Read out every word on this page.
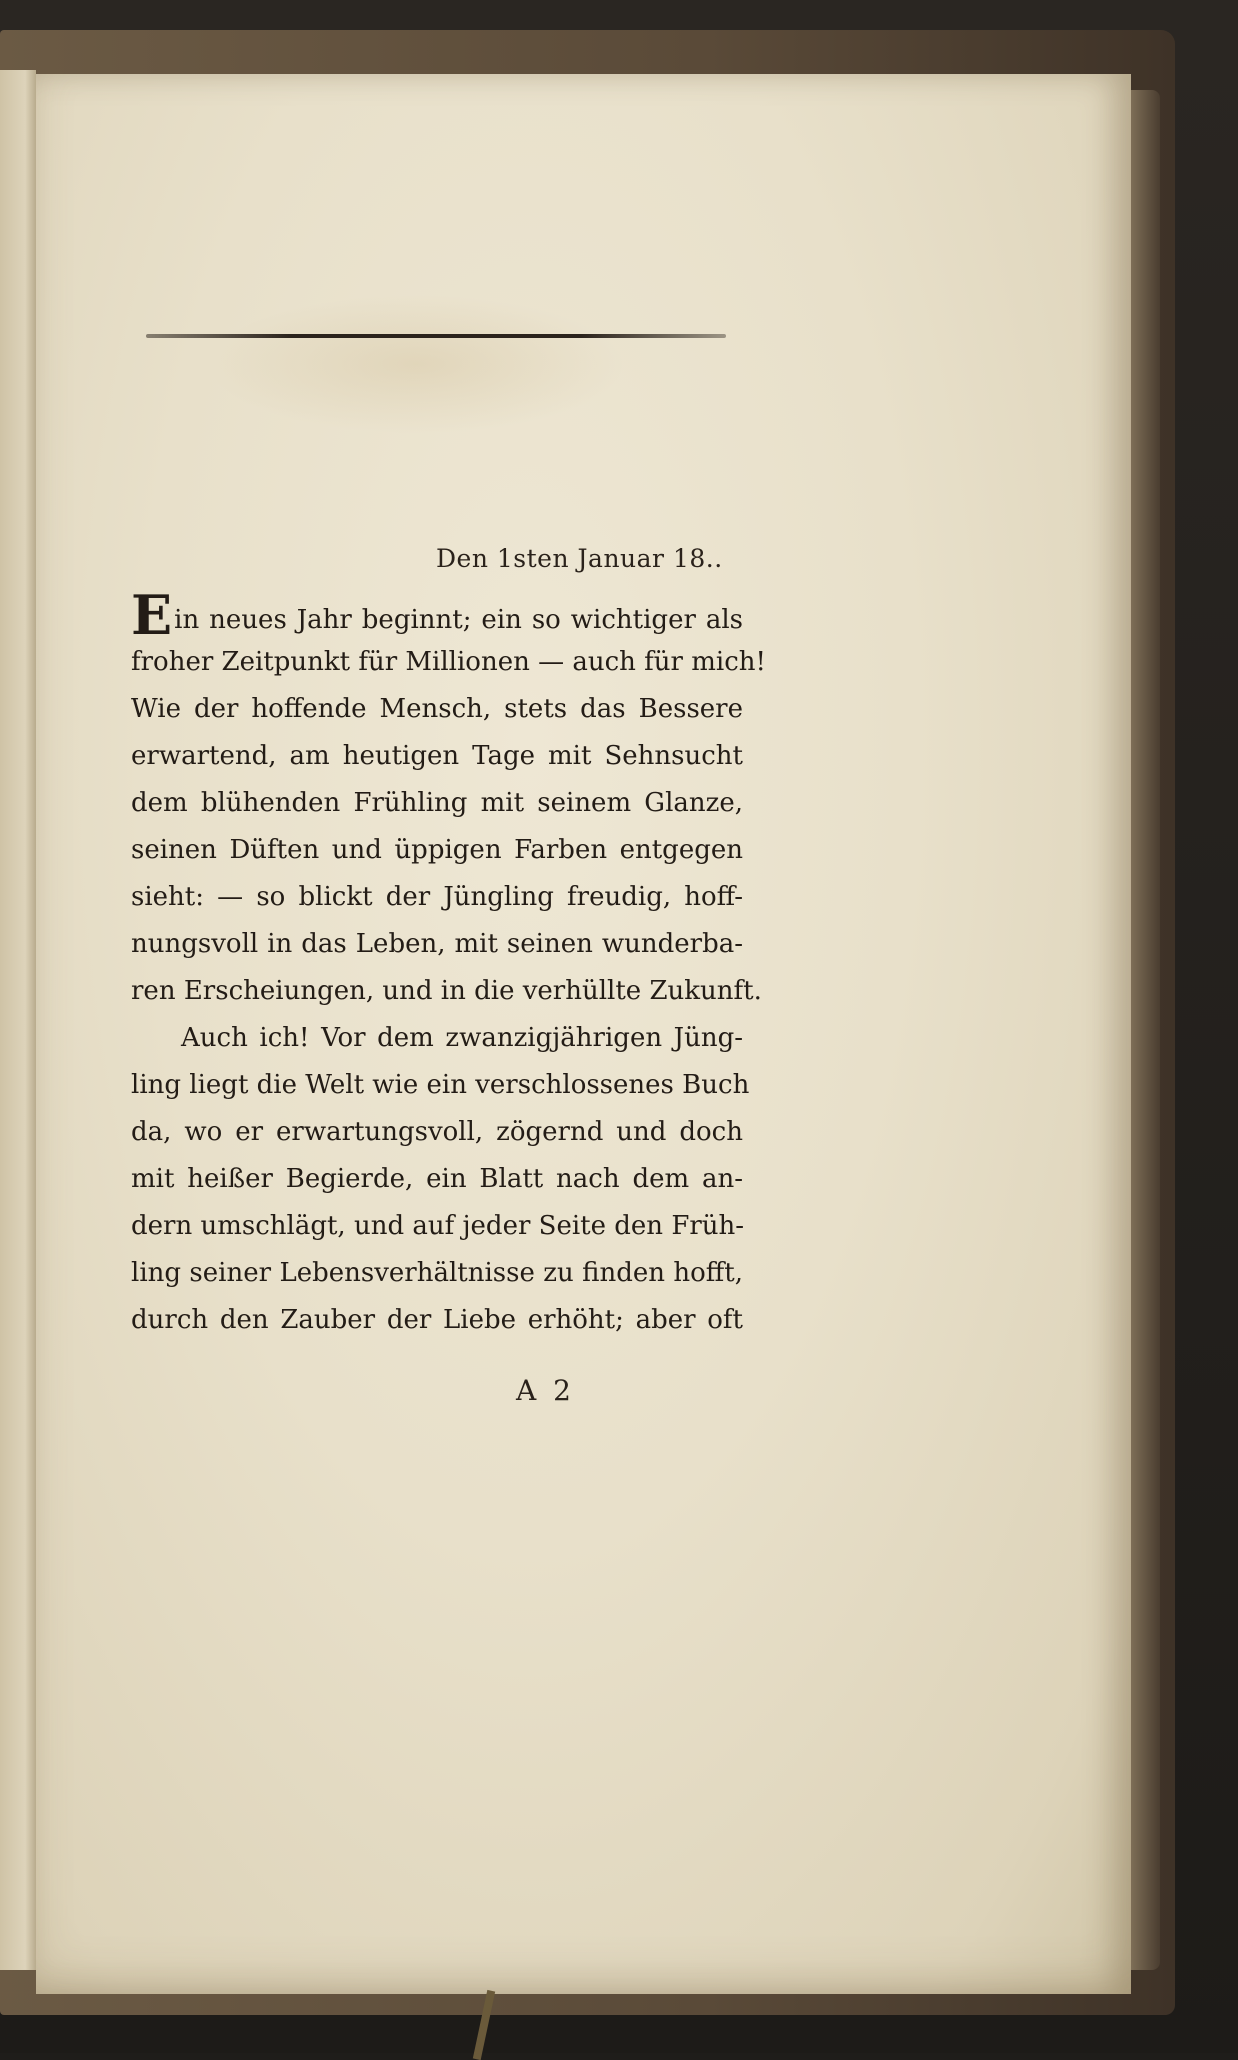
Den 1sten Januar 18..
Ein neues Jahr beginnt; ein so wichtiger als
froher Zeitpunkt für Millionen — auch für mich!
Wie der hoffende Mensch, stets das Bessere
erwartend, am heutigen Tage mit Sehnsucht
dem blühenden Frühling mit seinem Glanze,
seinen Düften und üppigen Farben entgegen
sieht: — so blickt der Jüngling freudig, hoff-
nungsvoll in das Leben, mit seinen wunderba-
ren Erscheiungen, und in die verhüllte Zukunft.
Auch ich! Vor dem zwanzigjährigen Jüng-
ling liegt die Welt wie ein verschlossenes Buch
da, wo er erwartungsvoll, zögernd und doch
mit heißer Begierde, ein Blatt nach dem an-
dern umschlägt, und auf jeder Seite den Früh-
ling seiner Lebensverhältnisse zu finden hofft,
durch den Zauber der Liebe erhöht; aber oft
A 2
